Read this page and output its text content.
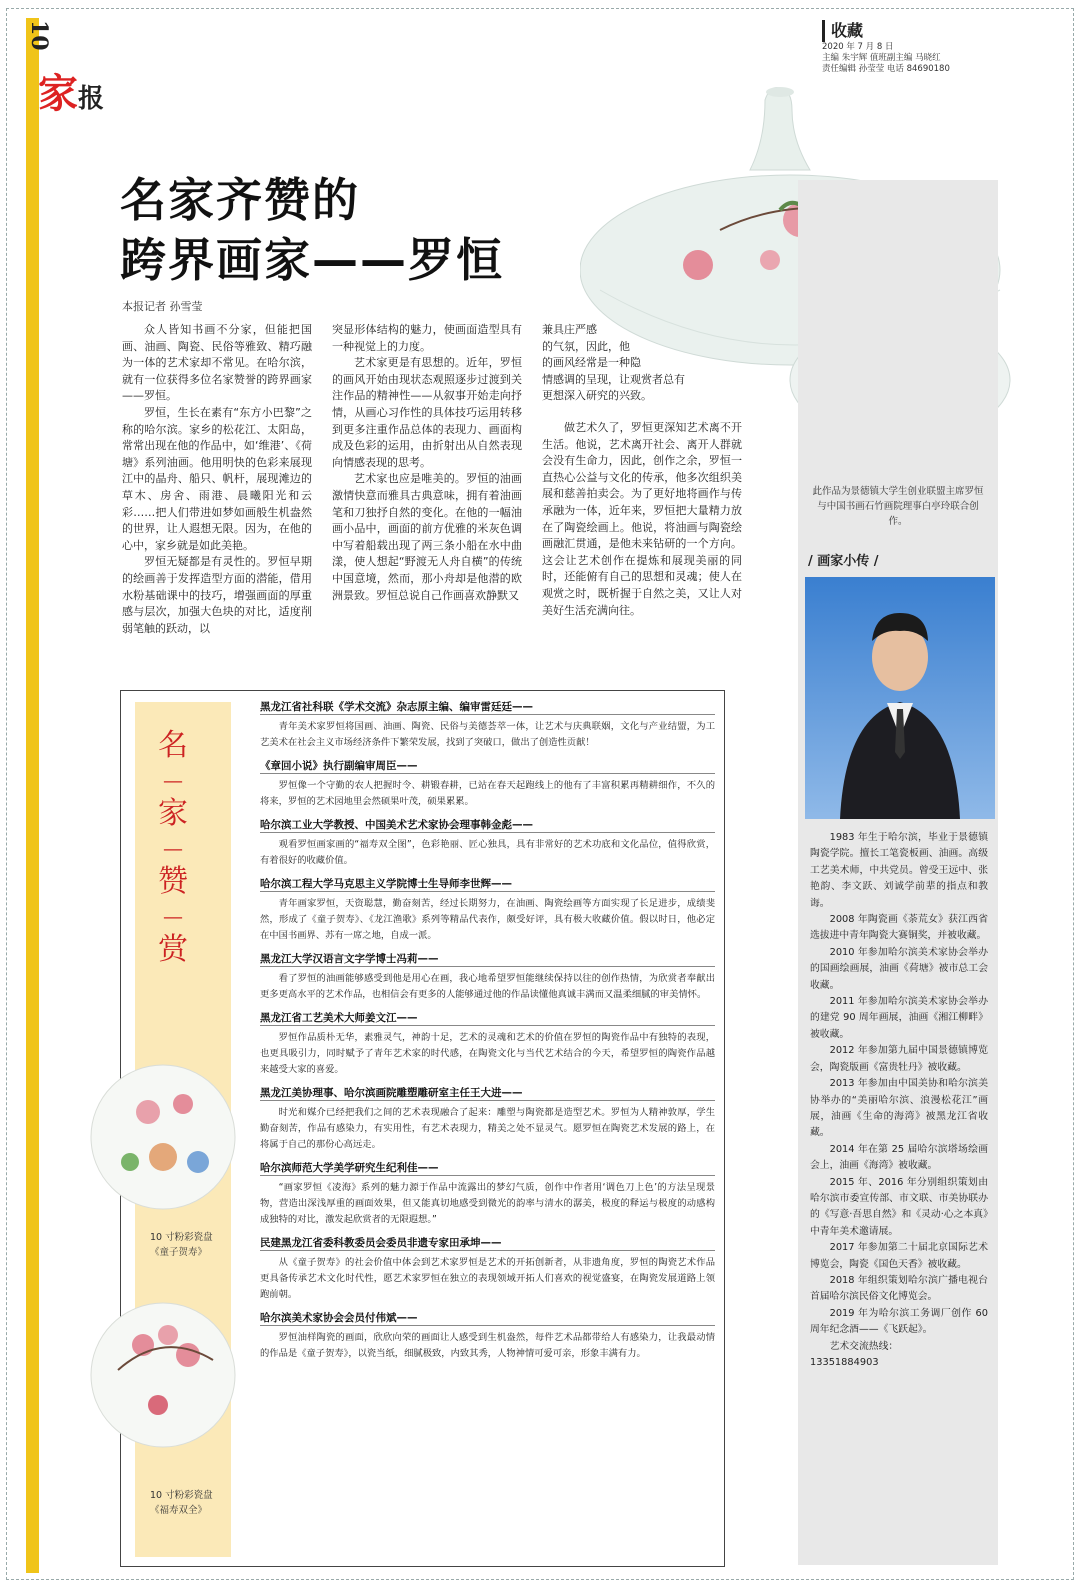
10
家报
收藏
2020 年 7 月 8 日
主编 朱宇辉 值班副主编 马晓红
责任编辑 孙莹莹 电话 84690180
名家齐赞的
跨界画家——罗恒
本报记者 孙雪莹

众人皆知书画不分家，但能把国画、油画、陶瓷、民俗等雅致、精巧融为一体的艺术家却不常见。在哈尔滨，就有一位获得多位名家赞誉的跨界画家——罗恒。

罗恒，生长在素有“东方小巴黎”之称的哈尔滨。家乡的松花江、太阳岛，常常出现在他的作品中，如‘维港’、《荷塘》系列油画。他用明快的色彩来展现江中的晶舟、船只、帆杆，展现滩边的草木、房舍、雨港、晨曦阳光和云彩……把人们带进如梦如画般生机盎然的世界，让人遐想无限。因为，在他的心中，家乡就是如此美艳。

罗恒无疑都是有灵性的。罗恒早期的绘画善于发挥造型方面的潜能，借用水粉基础课中的技巧，增强画面的厚重感与层次，加强大色块的对比，适度削弱笔触的跃动，以

突显形体结构的魅力，使画面造型具有一种视觉上的力度。

艺术家更是有思想的。近年，罗恒的画风开始由现状态观照逐步过渡到关注作品的精神性——从叙事开始走向抒情，从画心习作性的具体技巧运用转移到更多注重作品总体的表现力、画面构成及色彩的运用，由折射出从自然表现向情感表现的思考。

艺术家也应是唯美的。罗恒的油画激情快意而雅具古典意味，拥有着油画笔和刀独抒自然的变化。在他的一幅油画小品中，画面的前方优雅的米灰色调中写着船载出现了两三条小船在水中曲漾，使人想起“野渡无人舟自横”的传统中国意境，然而，那小舟却是他潜的欧洲景致。罗恒总说自己作画喜欢静默又

兼具庄严感
的气氛，因此，他
的画风经常是一种隐
情感调的呈现，让观赏者总有
更想深入研究的兴致。

做艺术久了，罗恒更深知艺术离不开生活。他说，艺术离开社会、离开人群就会没有生命力，因此，创作之余，罗恒一直热心公益与文化的传承，他多次组织美展和慈善拍卖会。为了更好地将画作与传承融为一体，近年来，罗恒把大量精力放在了陶瓷绘画上。他说，将油画与陶瓷绘画融汇贯通，是他未来钻研的一个方向。这会让艺术创作在提炼和展现美丽的同时，还能俯有自己的思想和灵魂；使人在观赏之时，既析握于自然之美，又让人对美好生活充满向往。

此作品为景德镇大学生创业联盟主席罗恒与中国书画石竹画院理事白亭玲联合创作。
/ 画家小传 /

1983 年生于哈尔滨，毕业于景德镇陶瓷学院。擅长工笔瓷板画、油画。高级工艺美术师，中共党员。曾受王远中、张艳韵、李文跃、刘诚学前辈的指点和教诲。

2008 年陶瓷画《荼荒女》获江西省选拔进中青年陶瓷大赛铜奖，并被收藏。

2010 年参加哈尔滨美术家协会举办的国画绘画展，油画《荷塘》被市总工会收藏。

2011 年参加哈尔滨美术家协会举办的建党 90 周年画展，油画《湘江柳畔》被收藏。

2012 年参加第九届中国景德镇博览会，陶瓷版画《富贵牡丹》被收藏。

2013 年参加由中国美协和哈尔滨美协举办的“美丽哈尔滨、浪漫松花江”画展，油画《生命的海湾》被黑龙江省收藏。

2014 年在第 25 届哈尔滨塔场绘画会上，油画《海湾》被收藏。

2015 年、2016 年分别组织策划由哈尔滨市委宣传部、市文联、市美协联办的《写意·吾思自然》和《灵动·心之本真》中青年美术邀请展。

2017 年参加第二十届北京国际艺术博览会，陶瓷《国色天香》被收藏。

2018 年组织策划哈尔滨广播电视台首届哈尔滨民俗文化博览会。

2019 年为哈尔滨工务调厂创作 60 周年纪念酒——《飞跃起》。

艺术交流热线：

13351884903
名
—
家
—
赞
—
赏
10 寸粉彩瓷盘
《童子贺寿》
10 寸粉彩瓷盘
《福寿双全》
黑龙江省社科联《学术交流》杂志原主编、编审雷廷廷——

青年美术家罗恒将国画、油画、陶瓷、民俗与美德荟萃一体，让艺术与庆典联姻，文化与产业结盟，为工艺美术在社会主义市场经济条件下繁荣发展，找到了突破口，做出了创造性贡献！

《章回小说》执行副编审周臣——

罗恒像一个守勤的农人把握时令、耕锻春耕，已站在春天起跑线上的他有了丰富积累再精耕细作，不久的将来，罗恒的艺术园地里会然硕果叶茂，硕果累累。

哈尔滨工业大学教授、中国美术艺术家协会理事韩金彪——

观看罗恒画家画的“福寿双全图”，色彩艳丽、匠心独具，具有非常好的艺术功底和文化品位，值得欣赏，有着很好的收藏价值。

哈尔滨工程大学马克思主义学院博士生导师李世辉——

青年画家罗恒，天资聪慧，勤奋刻苦，经过长期努力，在油画、陶瓷绘画等方面实现了长足进步，成绩斐然，形成了《童子贺寿》、《龙江渔歌》系列等精品代表作，颇受好评，具有极大收藏价值。假以时日，他必定在中国书画界、苏有一席之地，自成一派。

黑龙江大学汉语言文字学博士冯莉——

看了罗恒的油画能够感受到他是用心在画，我心地希望罗恒能继续保持以往的创作热情，为欣赏者奉献出更多更高水平的艺术作品，也相信会有更多的人能够通过他的作品读懂他真诚丰满而又温柔细腻的审美情怀。

黑龙江省工艺美术大师姜文江——

罗恒作品质朴无华，素雅灵气，神韵十足，艺术的灵魂和艺术的价值在罗恒的陶瓷作品中有独特的表现，也更具吸引力，同时赋予了青年艺术家的时代感，在陶瓷文化与当代艺术结合的今天，希望罗恒的陶瓷作品越来越受大家的喜爱。

黑龙江美协理事、哈尔滨画院雕塑雕研室主任王大进——

时光和媒介已经把我们之间的艺术表现融合了起来：雕塑与陶瓷都是造型艺术。罗恒为人精神敦厚，学生勤奋刻苦，作品有感染力，有实用性，有艺术表现力，精美之处不显灵气。愿罗恒在陶瓷艺术发展的路上，在将属于自己的那份心高远走。

哈尔滨师范大学美学研究生纪利佳——

“画家罗恒《凌海》系列的魅力源于作品中流露出的梦幻气质，创作中作者用‘调色刀上色’的方法呈现景物，营造出深浅厚重的画面效果，但又能真切地感受到微光的韵率与清水的潺美，极度的释运与极度的动感构成独特的对比，激发起欣赏者的无限遐想。”

民建黑龙江省委科教委员会委员非遗专家田承坤——

从《童子贺寿》的社会价值中体会到艺术家罗恒是艺术的开拓创新者，从非遗角度，罗恒的陶瓷艺术作品更具备传承艺术文化时代性，愿艺术家罗恒在独立的表现领域开拓人们喜欢的视觉盛宴，在陶瓷发展道路上领跑前朝。

哈尔滨美术家协会会员付伟斌——

罗恒油样陶瓷的画面，欣欣向荣的画面让人感受到生机盎然，每件艺术品都带给人有感染力，让我最动情的作品是《童子贺寿》，以瓷当纸，细腻极致，内致其秀，人物神情可爱可亲，形象丰满有力。
